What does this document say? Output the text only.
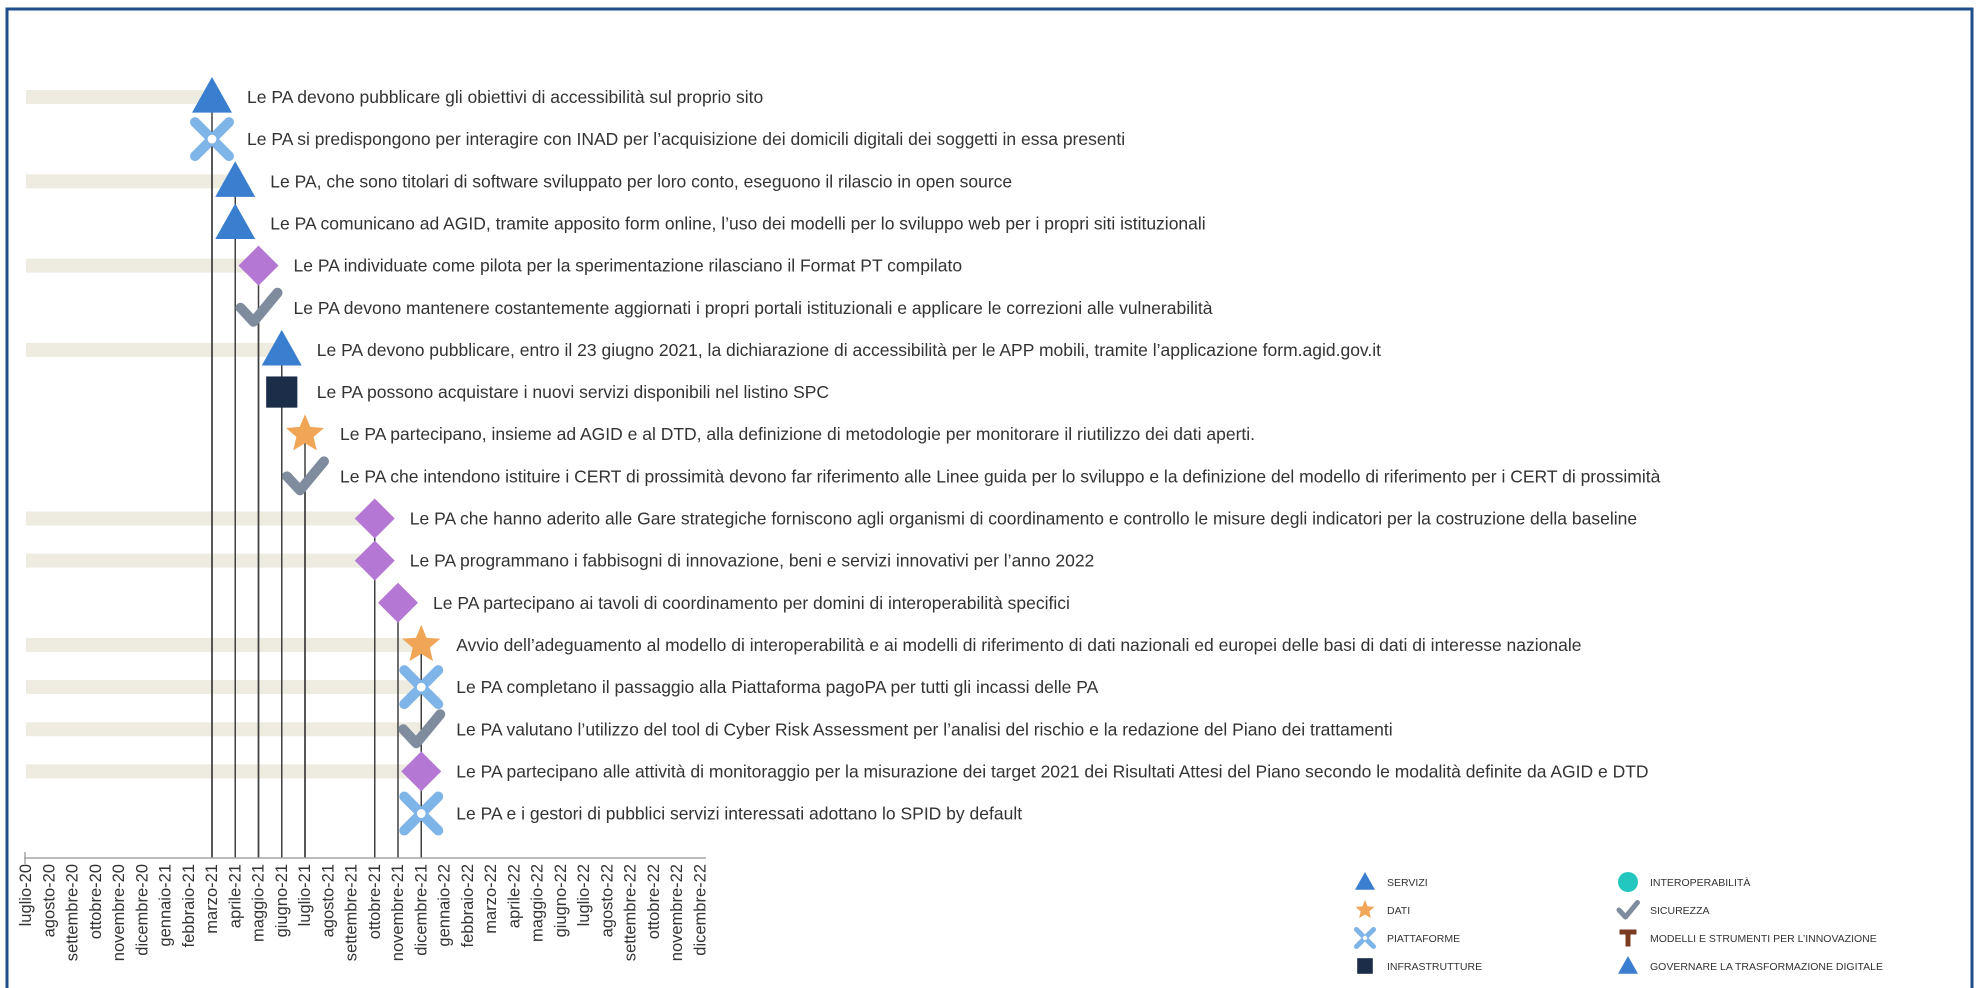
Le PA devono pubblicare gli obiettivi di accessibilità sul proprio sito
Le PA si predispongono per interagire con INAD per l’acquisizione dei domicili digitali dei soggetti in essa presenti
Le PA, che sono titolari di software sviluppato per loro conto, eseguono il rilascio in open source
Le PA comunicano ad AGID, tramite apposito form online, l’uso dei modelli per lo sviluppo web per i propri siti istituzionali
Le PA individuate come pilota per la sperimentazione rilasciano il Format PT compilato
Le PA devono mantenere costantemente aggiornati i propri portali istituzionali e applicare le correzioni alle vulnerabilità
Le PA devono pubblicare, entro il 23 giugno 2021, la dichiarazione di accessibilità per le APP mobili, tramite l’applicazione form.agid.gov.it
Le PA possono acquistare i nuovi servizi disponibili nel listino SPC
Le PA partecipano, insieme ad AGID e al DTD, alla definizione di metodologie per monitorare il riutilizzo dei dati aperti.
Le PA che intendono istituire i CERT di prossimità devono far riferimento alle Linee guida per lo sviluppo e la definizione del modello di riferimento per i CERT di prossimità
Le PA che hanno aderito alle Gare strategiche forniscono agli organismi di coordinamento e controllo le misure degli indicatori per la costruzione della baseline
Le PA programmano i fabbisogni di innovazione, beni e servizi innovativi per l’anno 2022
Le PA partecipano ai tavoli di coordinamento per domini di interoperabilità specifici
Avvio dell’adeguamento al modello di interoperabilità e ai modelli di riferimento di dati nazionali ed europei delle basi di dati di interesse nazionale
Le PA completano il passaggio alla Piattaforma pagoPA per tutti gli incassi delle PA
Le PA valutano l’utilizzo del tool di Cyber Risk Assessment per l’analisi del rischio e la redazione del Piano dei trattamenti
Le PA partecipano alle attività di monitoraggio per la misurazione dei target 2021 dei Risultati Attesi del Piano secondo le modalità definite da AGID e DTD
Le PA e i gestori di pubblici servizi interessati adottano lo SPID by default
luglio-20 agosto-20 settembre-20 ottobre-20 novembre-20 dicembre-20 gennaio-21 febbraio-21 marzo-21 aprile-21 maggio-21 giugno-21 luglio-21 agosto-21 settembre-21 ottobre-21 novembre-21 dicembre-21 gennaio-22 febbraio-22 marzo-22 aprile-22 maggio-22 giugno-22 luglio-22 agosto-22 settembre-22 ottobre-22 novembre-22 dicembre-22	SERVIZI
DATI
PIATTAFORME
INFRASTRUTTURE
INTEROPERABILITÀ
SICUREZZA
MODELLI E STRUMENTI PER L’INNOVAZIONE
GOVERNARE LA TRASFORMAZIONE DIGITALE
